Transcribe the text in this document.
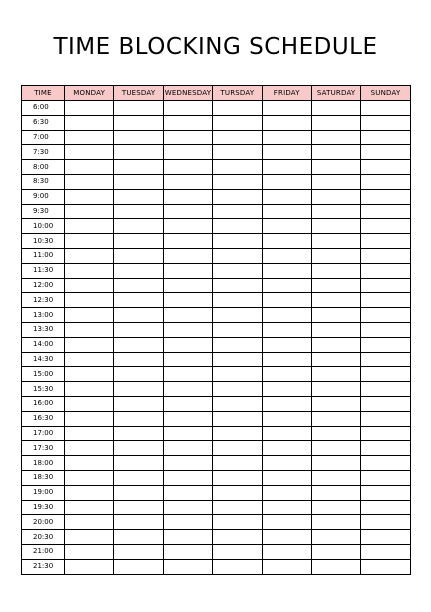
TIME BLOCKING SCHEDULE
TIME	MONDAY	TUESDAY	WEDNESDAY	TURSDAY	FRIDAY	SATURDAY	SUNDAY
6:00							
6:30							
7:00							
7:30							
8:00							
8:30							
9:00							
9:30							
10:00							
10:30							
11:00							
11:30							
12:00							
12:30							
13:00							
13:30							
14:00							
14:30							
15:00							
15:30							
16:00							
16:30							
17:00							
17:30							
18:00							
18:30							
19:00							
19:30							
20:00							
20:30							
21:00							
21:30							
